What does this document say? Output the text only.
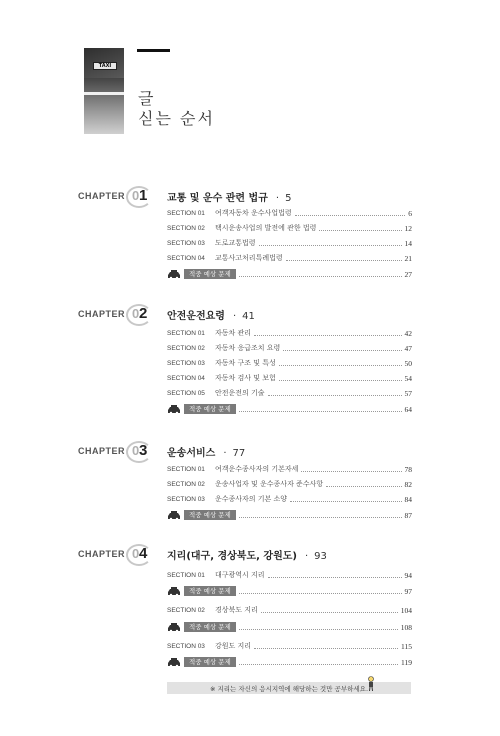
TAXI
글
싣는 순서
CHAPTER 0 1 교통 및 운수 관련 법규 · 5
SECTION 01	여객자동차 운수사업법령	6
SECTION 02	택시운송사업의 발전에 관한 법령	12
SECTION 03	도로교통법령	14
SECTION 04	교통사고처리특례법령	21
적중 예상 문제	27
CHAPTER 0 2 안전운전요령 · 41
SECTION 01	자동차 관리	42
SECTION 02	자동차 응급조치 요령	47
SECTION 03	자동차 구조 및 특성	50
SECTION 04	자동차 검사 및 보험	54
SECTION 05	안전운전의 기술	57
적중 예상 문제	64
CHAPTER 0 3 운송서비스 · 77
SECTION 01	여객운수종사자의 기본자세	78
SECTION 02	운송사업자 및 운수종사자 준수사항	82
SECTION 03	운수종사자의 기본 소양	84
적중 예상 문제	87
CHAPTER 0 4 지리(대구, 경상북도, 강원도) · 93
SECTION 01	대구광역시 지리	94
적중 예상 문제	97
SECTION 02	경상북도 지리	104
적중 예상 문제	108
SECTION 03	강원도 지리	115
적중 예상 문제	119
※ 지리는 자신의 응시지역에 해당하는 것만 공부하세요.
